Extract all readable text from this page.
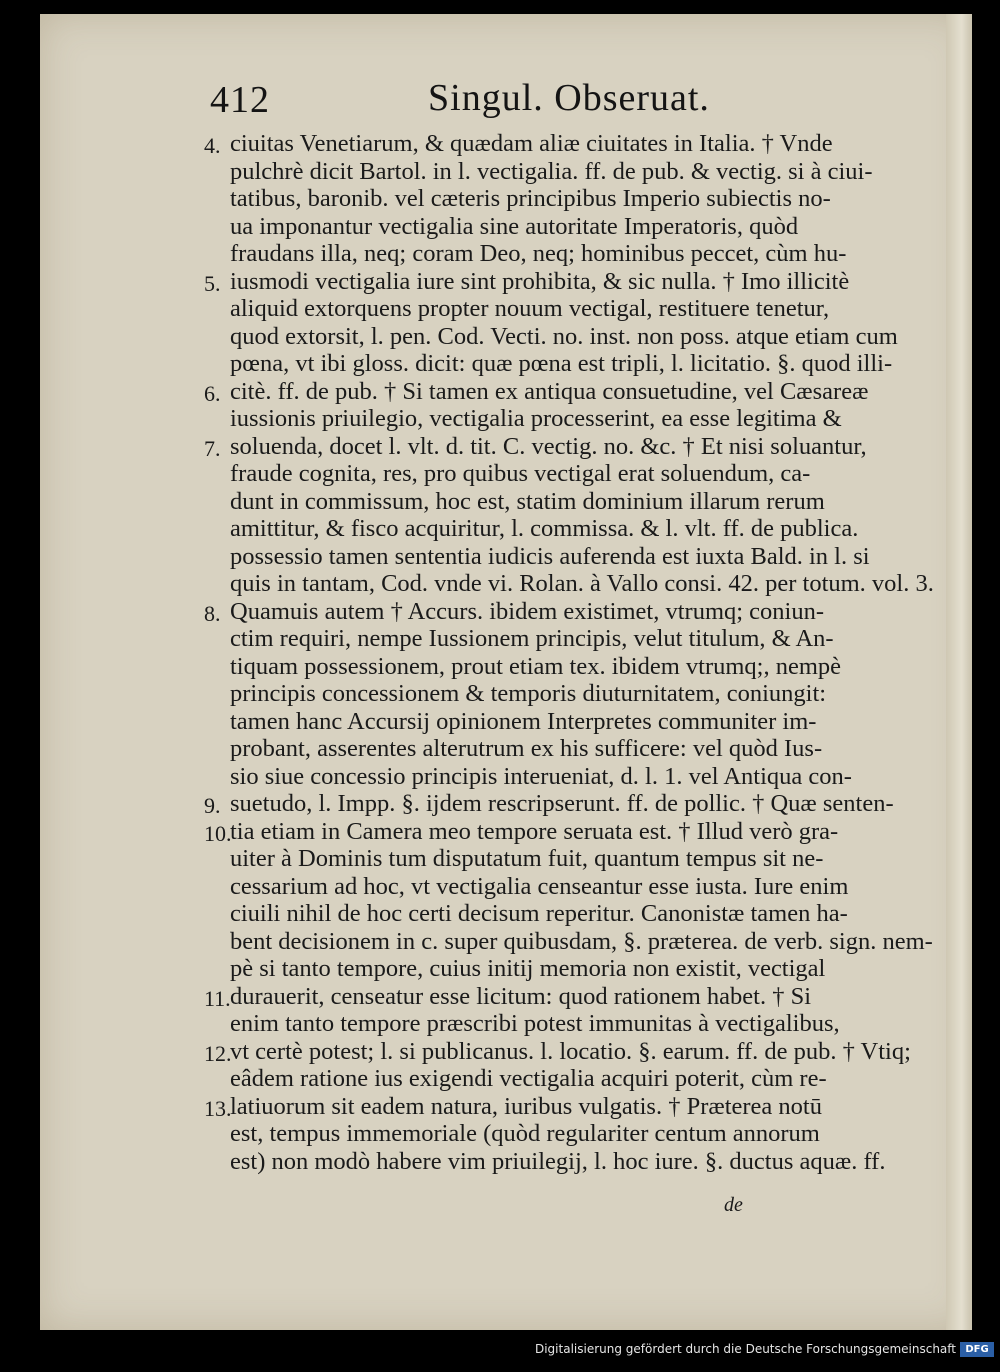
412	Singul. Obseruat.
4. ciuitas Venetiarum, & quædam aliæ ciuitates in Italia. † Vnde
pulchrè dicit Bartol. in l. vectigalia. ff. de pub. & vectig. si à ciui-
tatibus, baronib. vel cæteris principibus Imperio subiectis no-
ua imponantur vectigalia sine autoritate Imperatoris, quòd
fraudans illa, neq; coram Deo, neq; hominibus peccet, cùm hu-
5. iusmodi vectigalia iure sint prohibita, & sic nulla. † Imo illicitè
aliquid extorquens propter nouum vectigal, restituere tenetur,
quod extorsit, l. pen. Cod. Vecti. no. inst. non poss. atque etiam cum
pœna, vt ibi gloss. dicit: quæ pœna est tripli, l. licitatio. §. quod illi-
6. citè. ff. de pub. † Si tamen ex antiqua consuetudine, vel Cæsareæ
iussionis priuilegio, vectigalia processerint, ea esse legitima &
7. soluenda, docet l. vlt. d. tit. C. vectig. no. &c. † Et nisi soluantur,
fraude cognita, res, pro quibus vectigal erat soluendum, ca-
dunt in commissum, hoc est, statim dominium illarum rerum
amittitur, & fisco acquiritur, l. commissa. & l. vlt. ff. de publica.
possessio tamen sententia iudicis auferenda est iuxta Bald. in l. si
quis in tantam, Cod. vnde vi. Rolan. à Vallo consi. 42. per totum. vol. 3.
8. Quamuis autem † Accurs. ibidem existimet, vtrumq; coniun-
ctim requiri, nempe Iussionem principis, velut titulum, & An-
tiquam possessionem, prout etiam tex. ibidem vtrumq;, nempè
principis concessionem & temporis diuturnitatem, coniungit:
tamen hanc Accursij opinionem Interpretes communiter im-
probant, asserentes alterutrum ex his sufficere: vel quòd Ius-
sio siue concessio principis interueniat, d. l. 1. vel Antiqua con-
9. suetudo, l. Impp. §. ijdem rescripserunt. ff. de pollic. † Quæ senten-
10.
tia etiam in Camera meo tempore seruata est. † Illud verò gra-
uiter à Dominis tum disputatum fuit, quantum tempus sit ne-
cessarium ad hoc, vt vectigalia censeantur esse iusta. Iure enim
ciuili nihil de hoc certi decisum reperitur. Canonistæ tamen ha-
bent decisionem in c. super quibusdam, §. præterea. de verb. sign. nem-
pè si tanto tempore, cuius initij memoria non existit, vectigal
11. durauerit, censeatur esse licitum: quod rationem habet. † Si
enim tanto tempore præscribi potest immunitas à vectigalibus,
12.
vt certè potest; l. si publicanus. l. locatio. §. earum. ff. de pub. † Vtiq;
eâdem ratione ius exigendi vectigalia acquiri poterit, cùm re-
13.
latiuorum sit eadem natura, iuribus vulgatis. † Præterea notū
est, tempus immemoriale (quòd regulariter centum annorum
est) non modò habere vim priuilegij, l. hoc iure. §. ductus aquæ. ff.
de
Digitalisierung gefördert durch die Deutsche Forschungsgemeinschaft DFG
